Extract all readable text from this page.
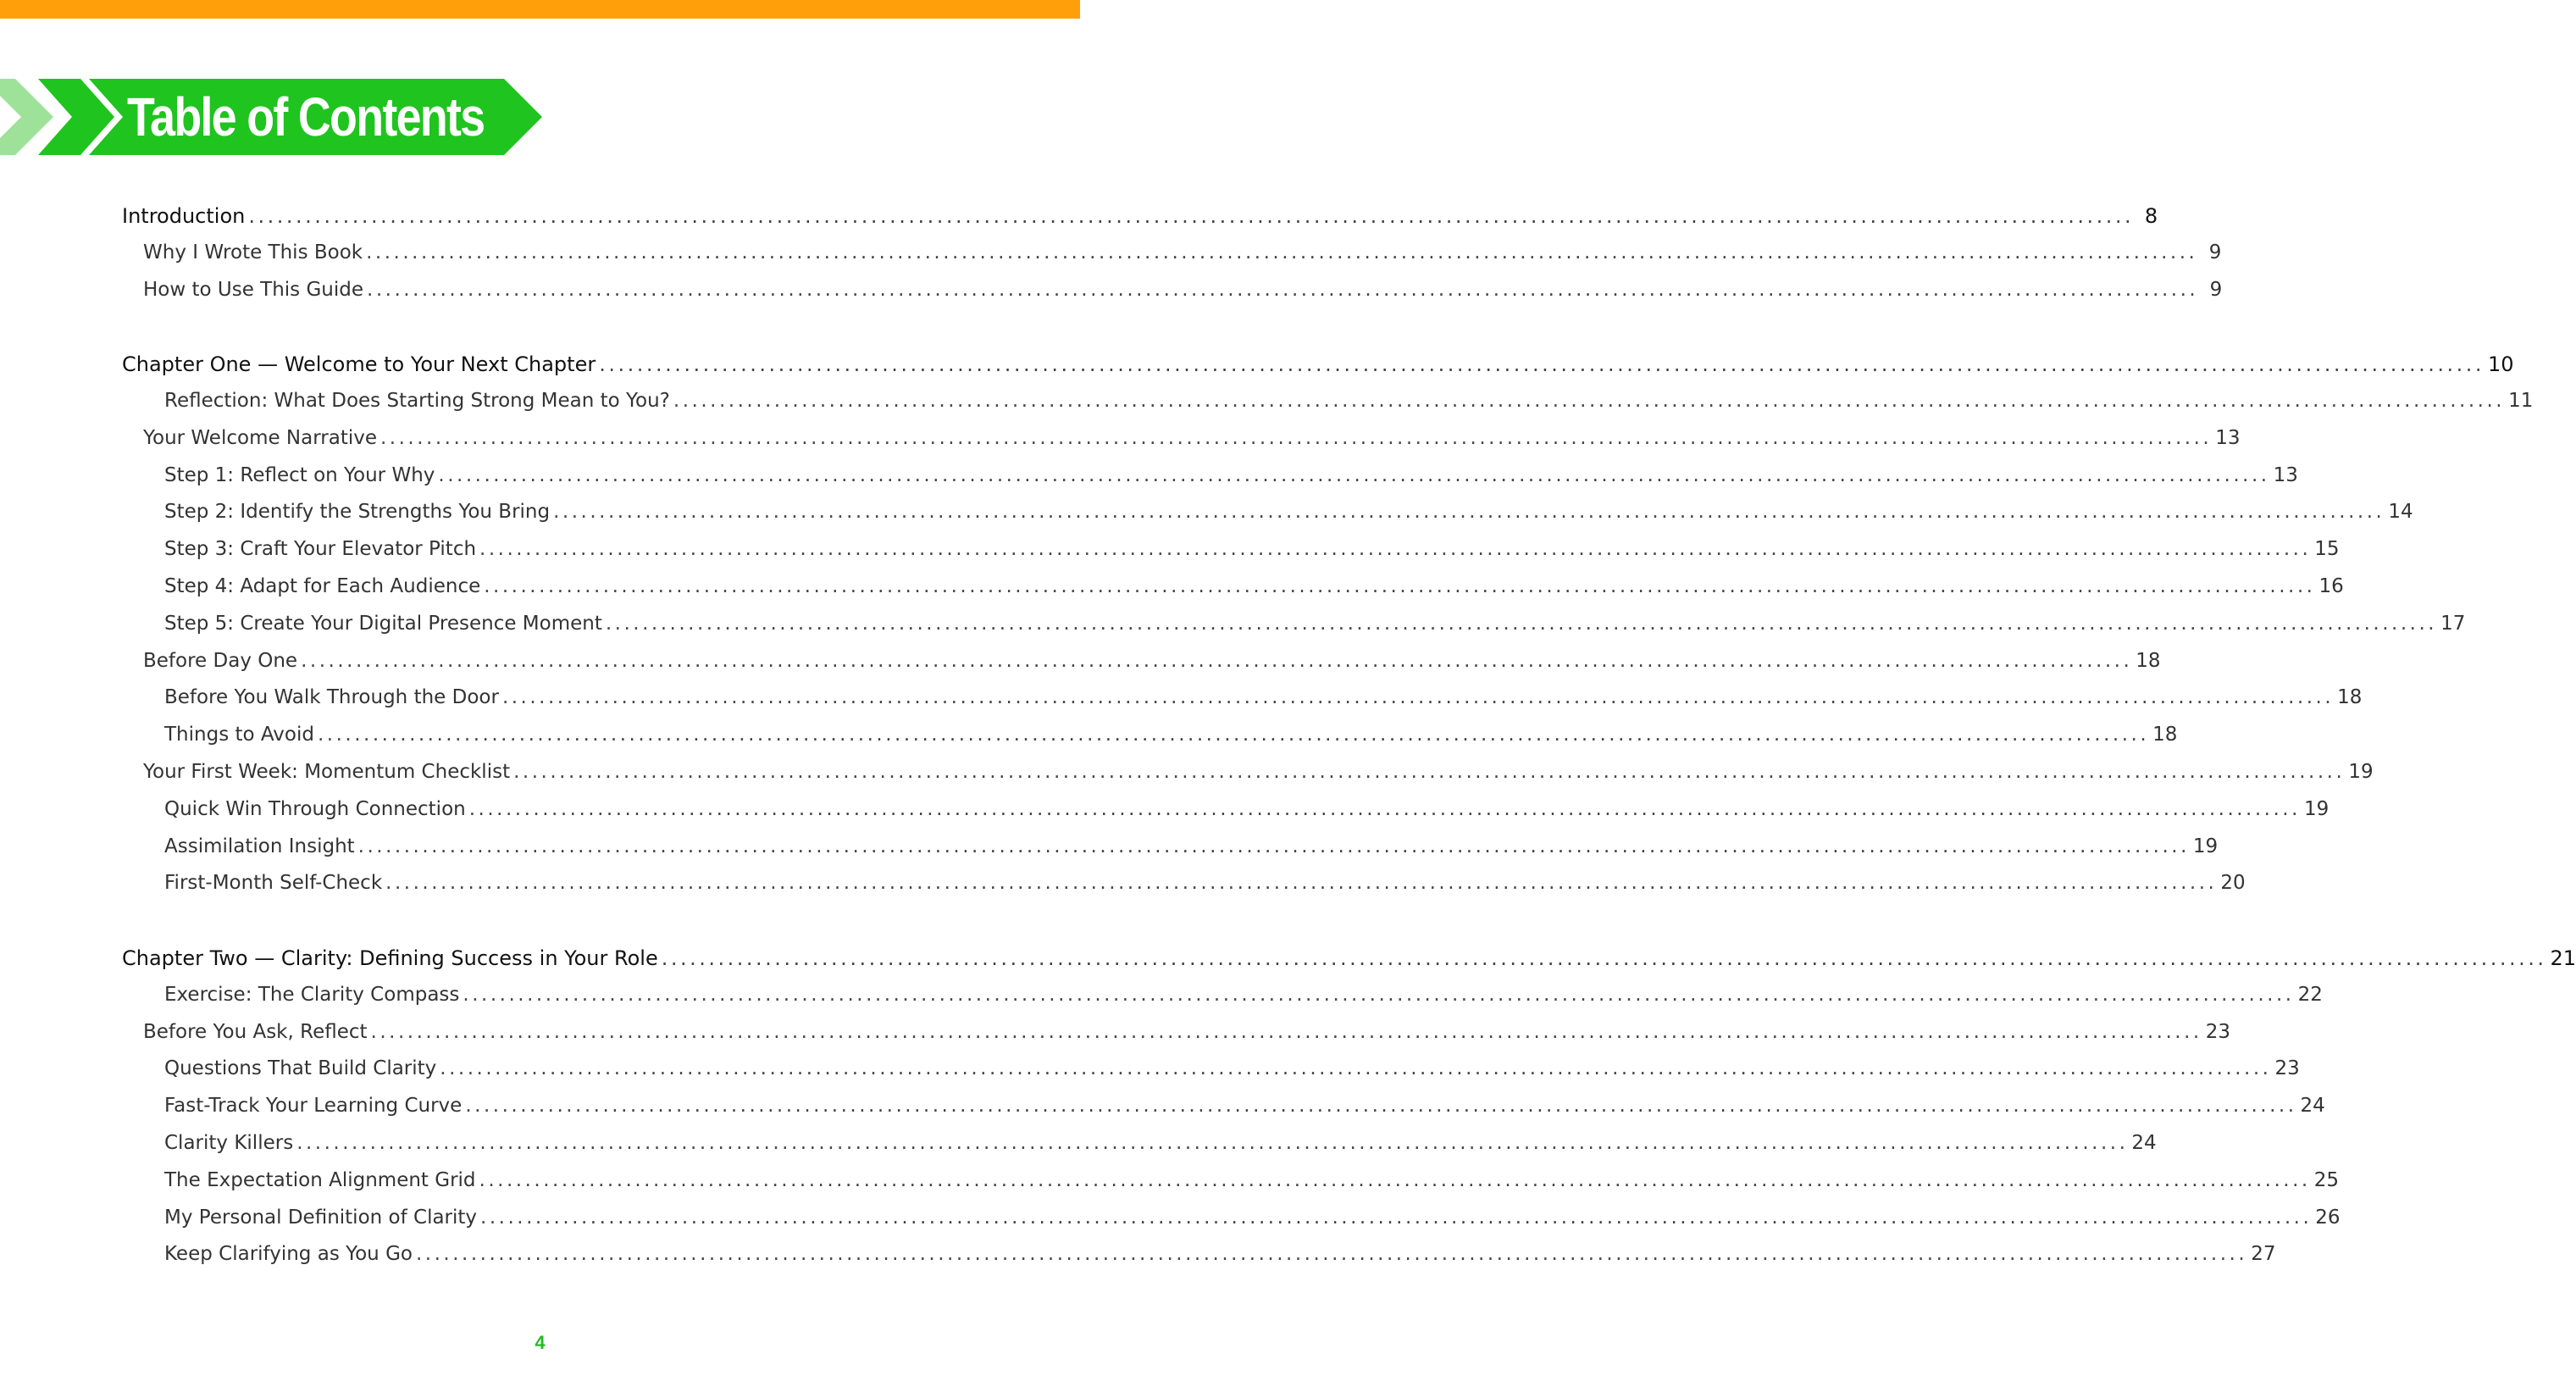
Table of Contents
Introduction ........................................................................................................................................................................................................ 8
Why I Wrote This Book ........................................................................................................................................................................................................ 9
How to Use This Guide ........................................................................................................................................................................................................ 9
Chapter One — Welcome to Your Next Chapter ........................................................................................................................................................................................................ 10
Reflection: What Does Starting Strong Mean to You? ........................................................................................................................................................................................................ 11
Your Welcome Narrative ........................................................................................................................................................................................................ 13
Step 1: Reflect on Your Why ........................................................................................................................................................................................................ 13
Step 2: Identify the Strengths You Bring ........................................................................................................................................................................................................ 14
Step 3: Craft Your Elevator Pitch ........................................................................................................................................................................................................ 15
Step 4: Adapt for Each Audience ........................................................................................................................................................................................................ 16
Step 5: Create Your Digital Presence Moment ........................................................................................................................................................................................................ 17
Before Day One ........................................................................................................................................................................................................ 18
Before You Walk Through the Door ........................................................................................................................................................................................................ 18
Things to Avoid ........................................................................................................................................................................................................ 18
Your First Week: Momentum Checklist ........................................................................................................................................................................................................ 19
Quick Win Through Connection ........................................................................................................................................................................................................ 19
Assimilation Insight ........................................................................................................................................................................................................ 19
First-Month Self-Check ........................................................................................................................................................................................................ 20
Chapter Two — Clarity: Defining Success in Your Role ........................................................................................................................................................................................................ 21
Exercise: The Clarity Compass ........................................................................................................................................................................................................ 22
Before You Ask, Reflect ........................................................................................................................................................................................................ 23
Questions That Build Clarity ........................................................................................................................................................................................................ 23
Fast-Track Your Learning Curve ........................................................................................................................................................................................................ 24
Clarity Killers ........................................................................................................................................................................................................ 24
The Expectation Alignment Grid ........................................................................................................................................................................................................ 25
My Personal Definition of Clarity ........................................................................................................................................................................................................ 26
Keep Clarifying as You Go ........................................................................................................................................................................................................ 27
4
